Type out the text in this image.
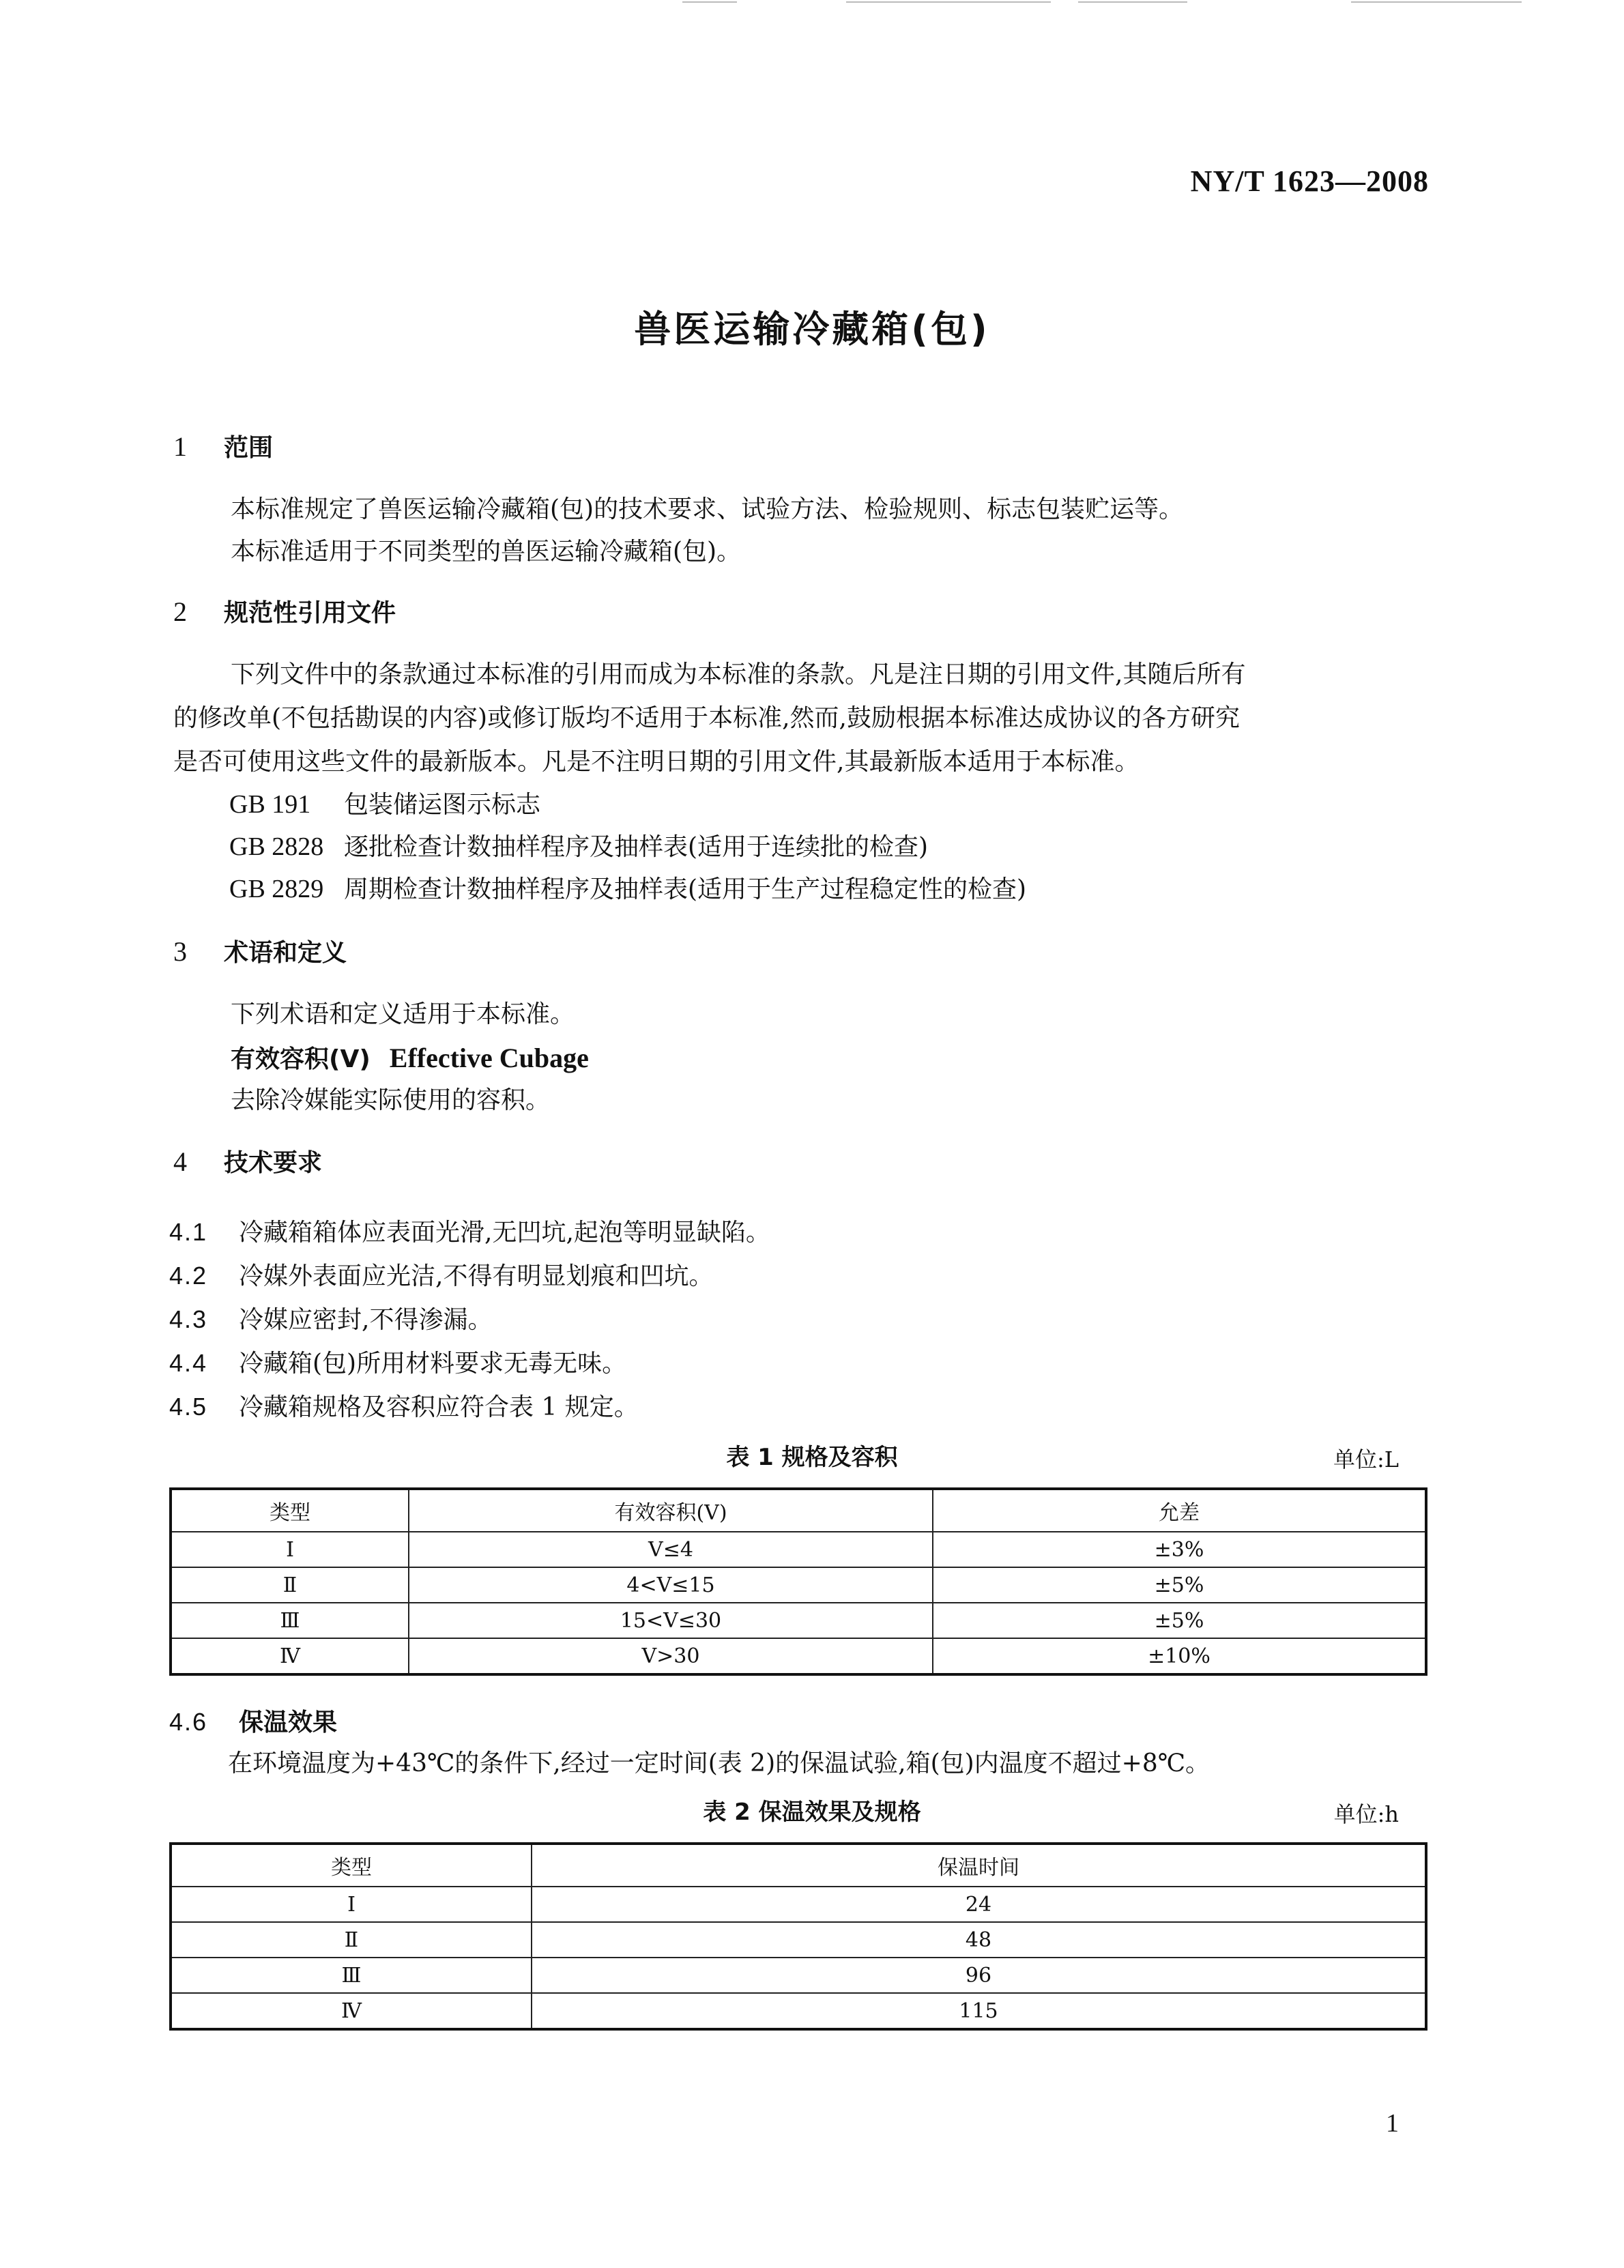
NY/T 1623—2008
兽医运输冷藏箱(包)
1 范围
本标准规定了兽医运输冷藏箱(包)的技术要求、试验方法、检验规则、标志包装贮运等。
本标准适用于不同类型的兽医运输冷藏箱(包)。
2 规范性引用文件
下列文件中的条款通过本标准的引用而成为本标准的条款。凡是注日期的引用文件,其随后所有
的修改单(不包括勘误的内容)或修订版均不适用于本标准,然而,鼓励根据本标准达成协议的各方研究
是否可使用这些文件的最新版本。凡是不注明日期的引用文件,其最新版本适用于本标准。
GB 191 包装储运图示标志
GB 2828 逐批检查计数抽样程序及抽样表(适用于连续批的检查)
GB 2829 周期检查计数抽样程序及抽样表(适用于生产过程稳定性的检查)
3 术语和定义
下列术语和定义适用于本标准。
有效容积(V) Effective Cubage
去除冷媒能实际使用的容积。
4 技术要求
4.1 冷藏箱箱体应表面光滑,无凹坑,起泡等明显缺陷。
4.2 冷媒外表面应光洁,不得有明显划痕和凹坑。
4.3 冷媒应密封,不得渗漏。
4.4 冷藏箱(包)所用材料要求无毒无味。
4.5 冷藏箱规格及容积应符合表 1 规定。
表 1 规格及容积	单位:L
类型	有效容积(V)	允差
Ⅰ	V≤4	±3%
Ⅱ	4<V≤15	±5%
Ⅲ	15<V≤30	±5%
Ⅳ	V>30	±10%
4.6 保温效果
在环境温度为+43℃的条件下,经过一定时间(表 2)的保温试验,箱(包)内温度不超过+8℃。
表 2 保温效果及规格	单位:h
类型	保温时间
Ⅰ	24
Ⅱ	48
Ⅲ	96
Ⅳ	115
1
